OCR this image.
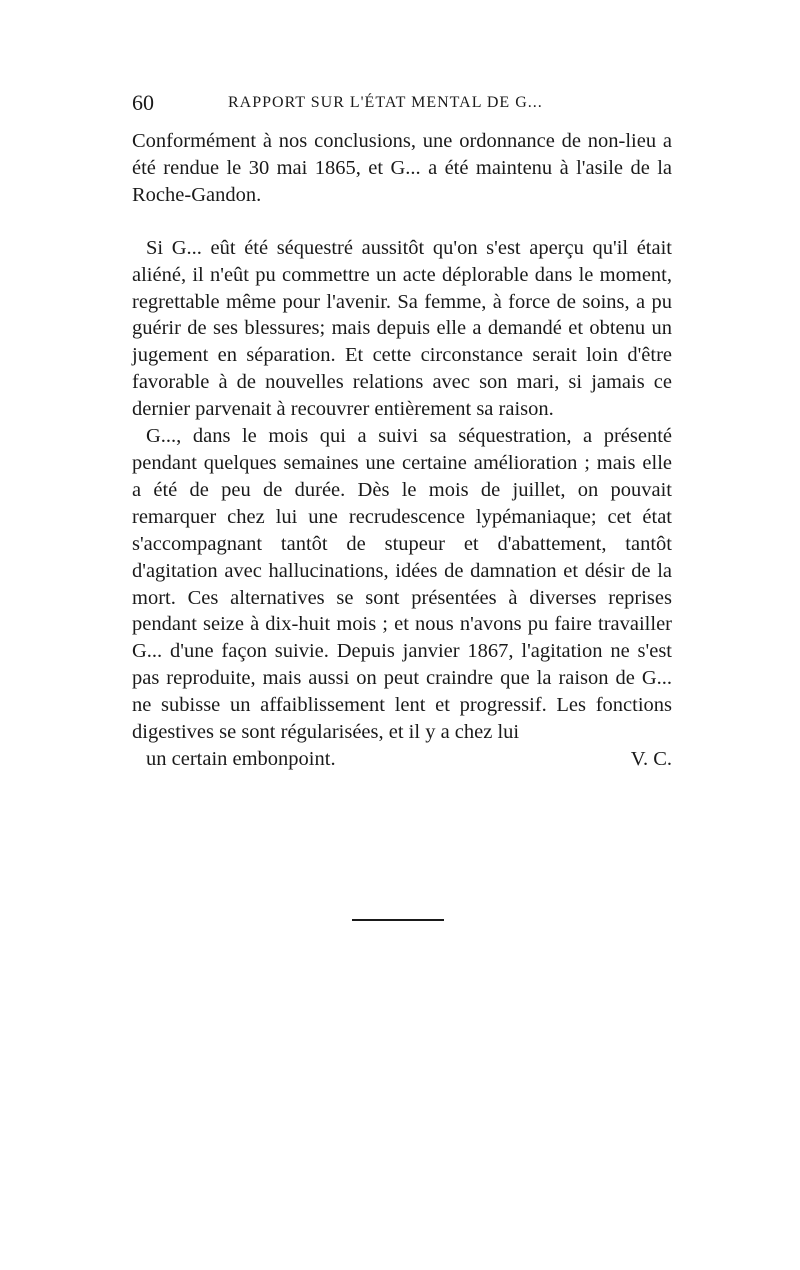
60	RAPPORT SUR L'ÉTAT MENTAL DE G...

Conformément à nos conclusions, une ordonnance de non-lieu a été rendue le 30 mai 1865, et G... a été maintenu à l'asile de la Roche-Gandon.

Si G... eût été séquestré aussitôt qu'on s'est aperçu qu'il était aliéné, il n'eût pu commettre un acte déplorable dans le moment, regrettable même pour l'avenir. Sa femme, à force de soins, a pu guérir de ses blessures; mais depuis elle a demandé et obtenu un jugement en séparation. Et cette circonstance serait loin d'être favorable à de nouvelles relations avec son mari, si jamais ce dernier parvenait à recouvrer entièrement sa raison.

G..., dans le mois qui a suivi sa séquestration, a présenté pendant quelques semaines une certaine amélioration ; mais elle a été de peu de durée. Dès le mois de juillet, on pouvait remarquer chez lui une recrudescence lypémaniaque; cet état s'accompagnant tantôt de stupeur et d'abattement, tantôt d'agitation avec hallucinations, idées de damnation et désir de la mort. Ces alternatives se sont présentées à diverses reprises pendant seize à dix-huit mois ; et nous n'avons pu faire travailler G... d'une façon suivie. Depuis janvier 1867, l'agitation ne s'est pas reproduite, mais aussi on peut craindre que la raison de G... ne subisse un affaiblissement lent et progressif. Les fonctions digestives se sont régularisées, et il y a chez lui

un certain embonpoint.	V. C.
